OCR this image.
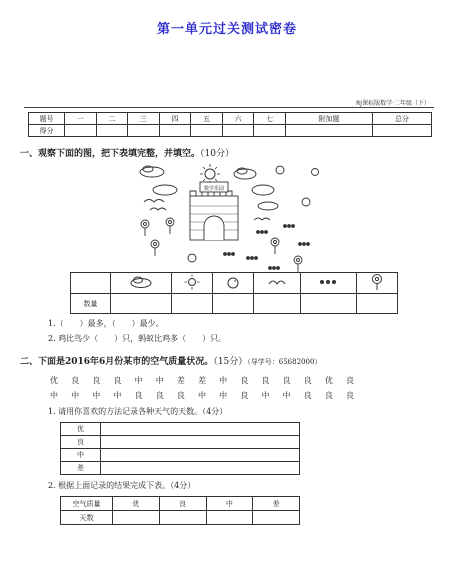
第一单元过关测试密卷
RJ课标版数学·二年级（下）
题号	一	二	三	四	五	六	七	附加题	总分
得分									
一、观察下面的图，把下表填完整，并填空。（10分）
数学乐园

数量						
1.（　　）最多，（　　）最少。
2. 鸡比鸟少（　　）只，蚂蚁比鸡多（　　）只。
二、下面是2016年6月份某市的空气质量状况。（15分）（导学号：65682000）
优 良 良 良 中 中 差 差 中 良 良 良 良 优 良
中 中 中 中 良 良 良 中 中 良 中 中 良 良 良
1. 请用你喜欢的方法记录各种天气的天数。（4分）
优	
良	
中	
差	
2. 根据上面记录的结果完成下表。（4分）
空气质量	优	良	中	差
天数				
